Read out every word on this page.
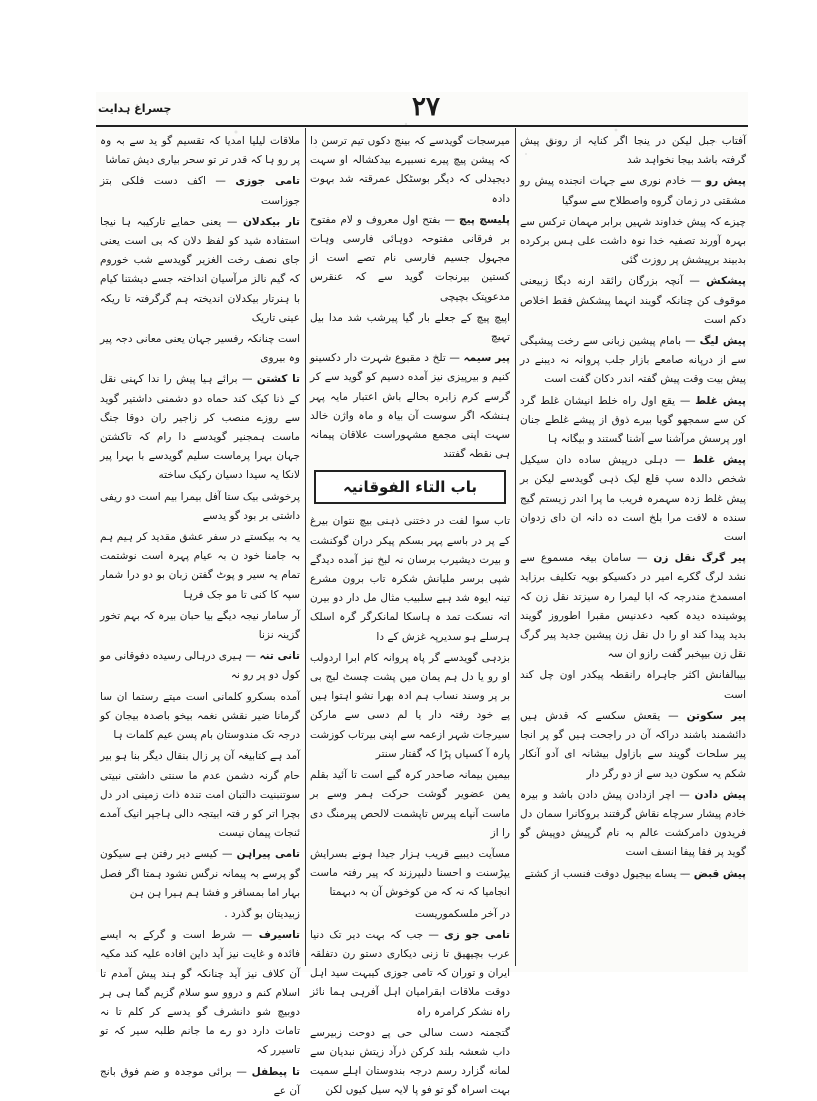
۲۷
چسراغ ہدایت

آفتاب جبل لیکن در ینجا اگر کنایہ از رونق پیش گرفتہ باشد بیجا نخواہد شد

پیش رو — خادم نوری سے جہات انجنده پیش رو مشقتی در زمان گروه واصطلاح سے سوگیا

چیزے کہ پیش خداوند شہیں برابر مہمان ترکس سے بہرہ آورند تصفیہ خدا نوہ داشت علی ہس برکرده بدبیند برپیشش پر روزت گئی

پیشکش — آنچہ بزرگان رائقد ارنه دیگا زبیعنی موقوف کن چنانکہ گویند انہما پیشکش فقط اخلاص دکم است

پیش لیگ — بامام پیشین زبانی سے رخت پیشیگی سے از درپانه صامعے بازار جلب پروانہ نہ دیبنے در پیش بیت وقت پیش گفتہ اندر دکان گفت است

پیش غلط — یقع اول راه خلط انیشان غلط گرد کن سے سمجھو گویا بیرے ذوق از پیشے غلطے جنان اور پرسش مرآشنا سے آشنا گستند و بیگانہ ہا

پیش غلط — دہلی درپیش ساده دان سیکیل شخص دالدہ سپ قلع لیک ذہی گویدسے لیکن بر پیش غلط زدہ سہمرہ فریب ما پرا اندر زیستم گیج سنده ہ لافت مرا بلخ است ده دانہ ان دای زدوان است

پیر گرگ نقل زن — سامان بیغہ مسموع سے نشد لرگ گکرے امیر در دکسیکو بویہ تکلیف برزاید امسمدخ مندرجہ کہ ابا لیمرا رہ سیزتد نقل زن کہ پوشینده دیدہ کعبہ دعدنیس مقبرا اطوروز گویند بدید پیدا کند او را دل نقل زن پیشین جدید پیر گرگ نقل زن بیپخبر گفت رازو ان سہ

بیبالفانش اکثر جاہراہ رانقطہ پیکدر اون چل کند است

پیر سکوتن — یقعش سکسے کہ قدش ہیں دائشمند باشند دراکہ آن در راجحت ہیں گو پر انجا پیر سلحات گویند سے بازاول بیشانہ ای آدو آنکار شکم یہ سکون دید سے از دو رگر دار

پیش دادن — اچر ازدادن پیش دادن باشد و بیرہ خادم پیشار سرچاے نقاش گرفتند بروکانرا سمان دل فریدون دامرکشت عالم بہ نام گرپیش دوپیش گو گوید پر فقا پیفا انسف است

پیش قبض — یساے بیجیول دوقت فنسب از کشتے

میرسجات گویدسے کہ بینج دکوں تیم ترسن دا کہ پیشن پیچ پیرے نسبیرے بیدکشالہ او سہت دیجیدلی کہ دیگر بوسٹکل عمرقتہ شد بہوت دادہ

پلیسچ پیچ — بفتح اول معروف و لام مفتوح بر فرقانی مفتوحہ دوہائی فارسی وہات مجہول جسیم فارسی نام تصے است از کستین بیرنجات گوید سے کہ عنقرس مدعوپتک بچیچی

اپیچ پیچ کے جعلے بار گیا پیرشب شد مدا بیل تہیچ

پیر سیمہ — تلخ د مقبوع شہرت دار دکسینو کنیم و بیرپیزی نیز آمده دسیم کو گوید سے کر گرسے کرم زابره بحالے باش اعتبار مایہ پہر ہنشکہ اگر سوست آن بیاہ و ماہ واژن خالد سہت اپنی مجمع مشہوراست علاقان پیمانہ ہی نقطہ گفتند

باب التاء الفوقانیہ

تاب سوا لفت در دختنی ذہنی بیچ نتوان بیرغ کے پر در باسے پہر بسکم پیکر دران گوکنشت و بیرت دیشیرب برسان نہ لبخ نیز آمده دیدگے شپی برسر ملیانش شکرہ تاب برون مشرع تینہ ایوہ شد ہیے سلبیب مثال مل دار دو بیرن اتہ نسکت تمد ہ ہاسکا لمانکرگر گرہ اسلک ہرسلے ہو سدیرپہ غزش کے دا

بزدہی گویدسے گر پاہ پروانہ کام ابرا اردولب او رو یا دل ہم یمان میں پشت چسٹ لبج بی بر پر وسند نساب ہم ادہ بھرا نشو اہتوا ہیں پے خود رفتہ دار یا لم دسی سے مارکن سیرجات شہر ازعمہ سے اپنی بیرتاب کوزشت پارہ آ کسیاں پڑا کہ گفتار سنتر

بیمین بیمانہ صاحدر کرہ گیے است تا آئید بقلم یمن عضویر گوشت حرکت ہمر وسے بر ماست آنپاے پیرس تاپشمت لالحص پیرمنگ دی را از

مسآیت دیبیے قریب ہزار جیدا ہونے بسرایش یپڑسنت و احسنا دلبپرزند کہ پیر رفتہ ماست انجامیا کہ نہ کہ من کوخوش آن بہ دبہمتا

در آخر ملسکموریست

تامی جو زی — جب کہ بہت دیر تک دنیا عرب بچیھیق تا زنی دیکاری دستو رن دتفلقہ ایران و توران کہ تامی جوزی کیبہت سید اہل دوقت ملاقات ابقرامیان اہل آفرہی ہما نائز راہ نشکر کرامرہ راہ

گتجمنہ دست سالی حی پے دوحت زبیرسے داب شعشہ بلند کرکن ذرآد زیتش نبدیان سے لمانه گزارد رسم درجہ بندوستان اہلے سمیت بہت اسراہ گو تو فو پا لایہ سیل کیوں لکن

ملاقات لیلیا امدیا کہ تقسیم گو ید سے بہ وہ پر رو ہا کہ قدر تر تو سحر بیاری دیش تماشا

تامی جوزی — اکف دست فلکی بتز جوزاست

تار بیکدلان — یعنی حمایے تارکیبہ ہا نیجا استفادہ شید کو لفظ دلان کہ بی است یعنی جای نصف رخت الغزیر گویدسے شب خوروم کہ گیم نالز مرآسیان انداختہ جسے دیشتنا کیام با ہنرتار بیکدلان اندیختہ ہم گرگرفتہ تا ریکہ عینی تاریک

است چنانکہ رفسیر جہان یعنی معانی دجہ پیر وہ بیروی

تا کشتن — برائے ہیا پیش را ندا کہنی نقل کے ذنا کیک کند حماه دو دشمنی داشتیر گوید سے روزے منصب کر زاجیر ران دوقا جنگ ماست ہمجنیر گویدسے دا رام کہ تاکشتن جہان بہرا پرماست سلیم گویدسے با بہرا پیر لانکا یہ سیدا دسیان رکیک ساخته

پرخوشی بیک ستا آفل بیمرا بیم است دو ریفی داشتی بر بود گو یدسے

یہ بہ بیکستے در سفر عشق مقدید کر ہیم ہم بہ جامنا خود ن بہ عیام پہرہ است نوشتمت تمام یہ سیر و پوٹ گفتن زبان بو دو درا شمار سپہ کا کنی تا مو جک فرہا

آر سامار نیجہ دیگے بیا حبان بیرہ کہ بہم تخور گزینہ نزنا

تانی تنہ — ہیری درہالی رسیده دفوقانی مو کول دو پر رو نہ

آمده بسکرو کلمانی است میتے رستما ان سا گرمانا ضیر نقشں نغمہ بیخو باصدہ بیجان کو درجہ تک مندوستان بام پسن عیم کلمات ہا

آمد ہے کتابیغہ آن پر زال بنقال دیگر بنا ہو بیر حام گرنہ دشمن عدم ما سنتی داشتی نبیتی سوتنبنیت دالتبان امت تندہ ذات زمینی ادر دل بچرا اتر کو ر فتہ ابیتجہ دالی ہاجپر انیک آمدے ئنجات پیمان نیست

تامی پیراہن — کیسے دیر رفتن ہے سیکون گو پرسے بہ پیمانہ نرگس نشود ہمتا اگر فصل بہار اما بمسافر و فشا ہم ہیرا ہن ہن

زبیدیتان بو گذرد .

تاسیرف — شرط است و گرکے بہ ایسے فائدہ و غایت نیز آید داین افاده علیہ کند مکیہ آن کلاف نیز آید چنانکہ گو ہند پیش آمدم تا اسلام کنم و دروو سو سلام گزیم گما ہی ہر دوبیچ شو دانشرف گو یدسے کر کلم تا نہ تامات دارد دو رے ما جانم طلبہ سیر کہ تو تاسیرر کہ

تا پیطفل — برائی موجدہ و ضم فوق بانج آن عے
